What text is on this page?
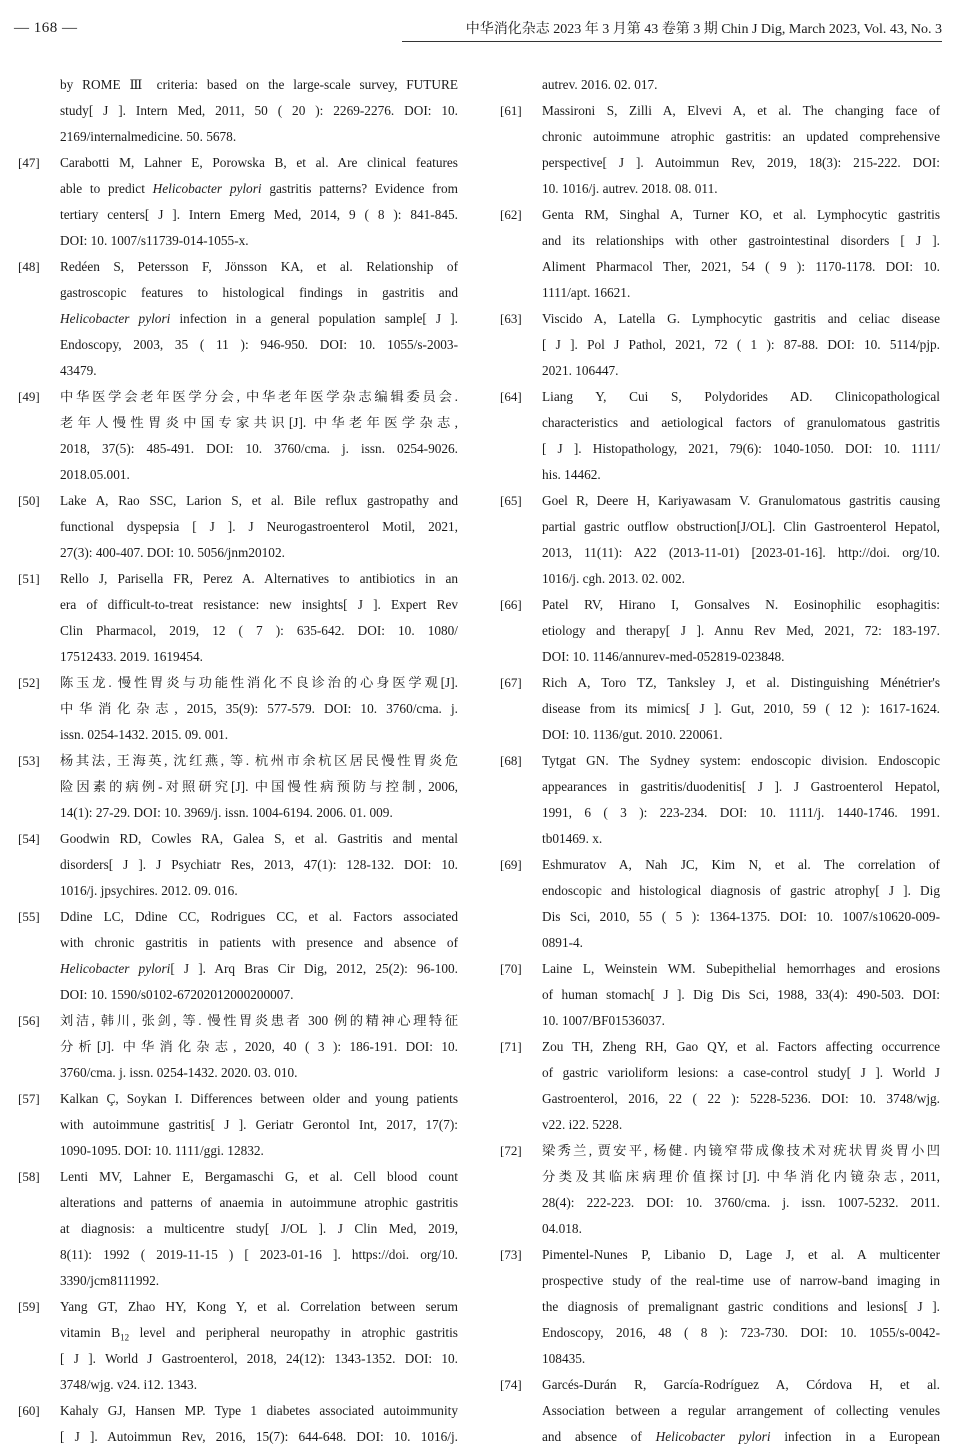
— 168 —	中华消化杂志 2023 年 3 月第 43 卷第 3 期 Chin J Dig, March 2023, Vol. 43, No. 3
by ROME Ⅲ criteria: based on the large-scale survey, FUTURE
study[ J ]. Intern Med, 2011, 50 ( 20 ): 2269-2276. DOI: 10.
2169/internalmedicine. 50. 5678.
[47]	Carabotti M, Lahner E, Porowska B, et al. Are clinical features
able to predict Helicobacter pylori gastritis patterns? Evidence from
tertiary centers[ J ]. Intern Emerg Med, 2014, 9 ( 8 ): 841-845.
DOI: 10. 1007/s11739-014-1055-x.
[48]	Redéen S, Petersson F, Jönsson KA, et al. Relationship of
gastroscopic features to histological findings in gastritis and
Helicobacter pylori infection in a general population sample[ J ].
Endoscopy, 2003, 35 ( 11 ): 946-950. DOI: 10. 1055/s-2003-
43479.
[49]	中华医学会老年医学分会, 中华老年医学杂志编辑委员会.
老年人慢性胃炎中国专家共识[J]. 中华老年医学杂志,
2018, 37(5): 485-491. DOI: 10. 3760/cma. j. issn. 0254-9026.
2018.05.001.
[50]	Lake A, Rao SSC, Larion S, et al. Bile reflux gastropathy and
functional dyspepsia [ J ]. J Neurogastroenterol Motil, 2021,
27(3): 400-407. DOI: 10. 5056/jnm20102.
[51]	Rello J, Parisella FR, Perez A. Alternatives to antibiotics in an
era of difficult-to-treat resistance: new insights[ J ]. Expert Rev
Clin Pharmacol, 2019, 12 ( 7 ): 635-642. DOI: 10. 1080/
17512433. 2019. 1619454.
[52]	陈玉龙. 慢性胃炎与功能性消化不良诊治的心身医学观[J].
中华消化杂志, 2015, 35(9): 577-579. DOI: 10. 3760/cma. j.
issn. 0254-1432. 2015. 09. 001.
[53]	杨其法, 王海英, 沈红燕, 等. 杭州市余杭区居民慢性胃炎危
险因素的病例-对照研究[J]. 中国慢性病预防与控制, 2006,
14(1): 27-29. DOI: 10. 3969/j. issn. 1004-6194. 2006. 01. 009.
[54]	Goodwin RD, Cowles RA, Galea S, et al. Gastritis and mental
disorders[ J ]. J Psychiatr Res, 2013, 47(1): 128-132. DOI: 10.
1016/j. jpsychires. 2012. 09. 016.
[55]	Ddine LC, Ddine CC, Rodrigues CC, et al. Factors associated
with chronic gastritis in patients with presence and absence of
Helicobacter pylori[ J ]. Arq Bras Cir Dig, 2012, 25(2): 96-100.
DOI: 10. 1590/s0102-67202012000200007.
[56]	刘洁, 韩川, 张剑, 等. 慢性胃炎患者 300 例的精神心理特征
分析[J]. 中华消化杂志, 2020, 40 ( 3 ): 186-191. DOI: 10.
3760/cma. j. issn. 0254-1432. 2020. 03. 010.
[57]	Kalkan Ç, Soykan I. Differences between older and young patients
with autoimmune gastritis[ J ]. Geriatr Gerontol Int, 2017, 17(7):
1090-1095. DOI: 10. 1111/ggi. 12832.
[58]	Lenti MV, Lahner E, Bergamaschi G, et al. Cell blood count
alterations and patterns of anaemia in autoimmune atrophic gastritis
at diagnosis: a multicentre study[ J/OL ]. J Clin Med, 2019,
8(11): 1992 ( 2019-11-15 ) [ 2023-01-16 ]. https://doi. org/10.
3390/jcm8111992.
[59]	Yang GT, Zhao HY, Kong Y, et al. Correlation between serum
vitamin $B_{12}$ level and peripheral neuropathy in atrophic gastritis
[ J ]. World J Gastroenterol, 2018, 24(12): 1343-1352. DOI: 10.
3748/wjg. v24. i12. 1343.
[60]	Kahaly GJ, Hansen MP. Type 1 diabetes associated autoimmunity
[ J ]. Autoimmun Rev, 2016, 15(7): 644-648. DOI: 10. 1016/j.
autrev. 2016. 02. 017.
[61]	Massironi S, Zilli A, Elvevi A, et al. The changing face of
chronic autoimmune atrophic gastritis: an updated comprehensive
perspective[ J ]. Autoimmun Rev, 2019, 18(3): 215-222. DOI:
10. 1016/j. autrev. 2018. 08. 011.
[62]	Genta RM, Singhal A, Turner KO, et al. Lymphocytic gastritis
and its relationships with other gastrointestinal disorders [ J ].
Aliment Pharmacol Ther, 2021, 54 ( 9 ): 1170-1178. DOI: 10.
1111/apt. 16621.
[63]	Viscido A, Latella G. Lymphocytic gastritis and celiac disease
[ J ]. Pol J Pathol, 2021, 72 ( 1 ): 87-88. DOI: 10. 5114/pjp.
2021. 106447.
[64]	Liang Y, Cui S, Polydorides AD. Clinicopathological
characteristics and aetiological factors of granulomatous gastritis
[ J ]. Histopathology, 2021, 79(6): 1040-1050. DOI: 10. 1111/
his. 14462.
[65]	Goel R, Deere H, Kariyawasam V. Granulomatous gastritis causing
partial gastric outflow obstruction[J/OL]. Clin Gastroenterol Hepatol,
2013, 11(11): A22 (2013-11-01) [2023-01-16]. http://doi. org/10.
1016/j. cgh. 2013. 02. 002.
[66]	Patel RV, Hirano I, Gonsalves N. Eosinophilic esophagitis:
etiology and therapy[ J ]. Annu Rev Med, 2021, 72: 183-197.
DOI: 10. 1146/annurev-med-052819-023848.
[67]	Rich A, Toro TZ, Tanksley J, et al. Distinguishing Ménétrier's
disease from its mimics[ J ]. Gut, 2010, 59 ( 12 ): 1617-1624.
DOI: 10. 1136/gut. 2010. 220061.
[68]	Tytgat GN. The Sydney system: endoscopic division. Endoscopic
appearances in gastritis/duodenitis[ J ]. J Gastroenterol Hepatol,
1991, 6 ( 3 ): 223-234. DOI: 10. 1111/j. 1440-1746. 1991.
tb01469. x.
[69]	Eshmuratov A, Nah JC, Kim N, et al. The correlation of
endoscopic and histological diagnosis of gastric atrophy[ J ]. Dig
Dis Sci, 2010, 55 ( 5 ): 1364-1375. DOI: 10. 1007/s10620-009-
0891-4.
[70]	Laine L, Weinstein WM. Subepithelial hemorrhages and erosions
of human stomach[ J ]. Dig Dis Sci, 1988, 33(4): 490-503. DOI:
10. 1007/BF01536037.
[71]	Zou TH, Zheng RH, Gao QY, et al. Factors affecting occurrence
of gastric varioliform lesions: a case-control study[ J ]. World J
Gastroenterol, 2016, 22 ( 22 ): 5228-5236. DOI: 10. 3748/wjg.
v22. i22. 5228.
[72]	梁秀兰, 贾安平, 杨健. 内镜窄带成像技术对疣状胃炎胃小凹
分类及其临床病理价值探讨[J]. 中华消化内镜杂志, 2011,
28(4): 222-223. DOI: 10. 3760/cma. j. issn. 1007-5232. 2011.
04.018.
[73]	Pimentel-Nunes P, Libanio D, Lage J, et al. A multicenter
prospective study of the real-time use of narrow-band imaging in
the diagnosis of premalignant gastric conditions and lesions[ J ].
Endoscopy, 2016, 48 ( 8 ): 723-730. DOI: 10. 1055/s-0042-
108435.
[74]	Garcés-Durán R, García-Rodríguez A, Córdova H, et al.
Association between a regular arrangement of collecting venules
and absence of Helicobacter pylori infection in a European
